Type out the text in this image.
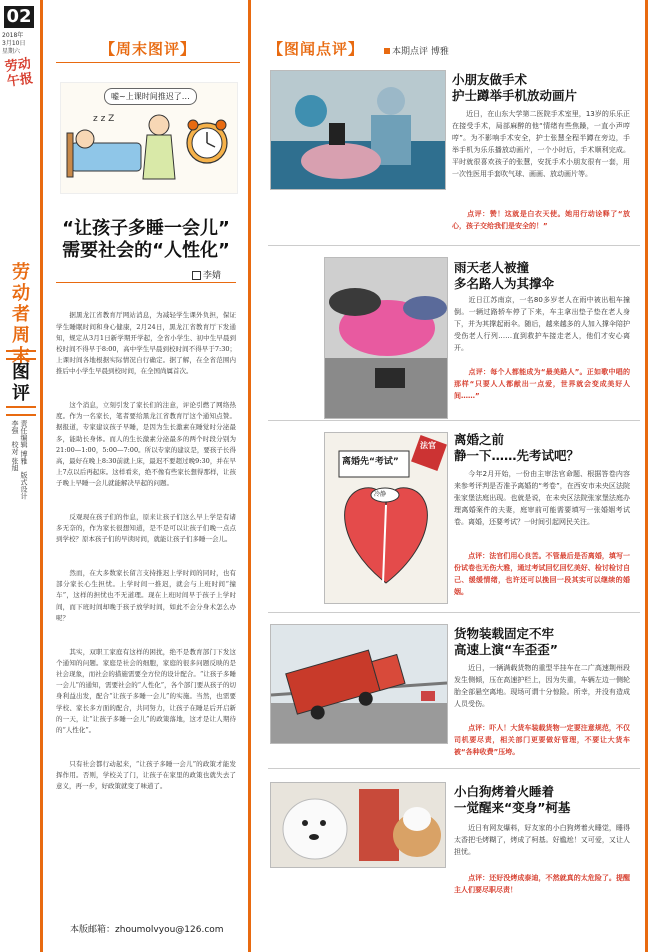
02
2018年
3月10日
星期六
劳动午报
劳动者周末
图评
责任编辑 博雅　版式设计 李强　校对 张旭
【周末图评】
z z Z
嘘~上课时间推迟了…
“让孩子多睡一会儿”
需要社会的“人性化”
李婧

　　据黑龙江省教育厅网站消息，为减轻学生课外负担，保证学生睡眠时间和身心健康，2月24日，黑龙江省教育厅下发通知，规定从3月1日新学期开学起，全省小学生、初中生早晨到校时间不得早于8:00，高中学生早晨到校时间不得早于7:30；上课时间各地根据实际情况自行确定。据了解，在全省范围内推后中小学生早晨到校时间，在全国尚属首次。

　　这个消息，立刻引发了家长们的注意，评论引燃了网络热度。作为一名家长，笔者要给黑龙江省教育厅这个通知点赞。据报道，专家建议孩子早睡，是因为生长激素在睡觉时分泌最多，能助长身体。而人的生长激素分泌最多的两个时段分别为21:00—1:00，5:00—7:00。所以专家的建议是，要孩子长得高，最好在晚上8:30前就上床，最迟不要超过晚9:30，并在早上7点以后再起床。这样看来，绝不像有些家长想得那样，让孩子晚上早睡一会儿就能解决早起的问题。

　　反观现在孩子们的作息，原来让孩子们这么早上学是有诸多无奈的，作为家长很想知道，是不是可以让孩子们晚一点点到学校？原本孩子们的早读时间，就能让孩子们多睡一会儿。

　　然而，在大多数家长留言支持推迟上学时间的同时，也有部分家长心生担忧。上学时间一推迟，就会与上班时间“撞车”，这样的担忧也不无道理。现在上班时间早于孩子上学时间，而下班时间却晚于孩子放学时间，如此不会分身术怎么办呢？

　　其实，双职工家庭有这样的困扰，绝不是教育部门下发这个通知的问题。家庭是社会的细胞，家庭的很多问题反映的是社会现象，而社会的措施需要全方位的设计配合。“让孩子多睡一会儿”的通知，需要社会的“人性化”，各个部门要从孩子的切身利益出发，配合“让孩子多睡一会儿”的实施。当然，也需要学校、家长多方面的配合，共同努力，让孩子在睡足后开启新的一天，让“让孩子多睡一会儿”的政策落地，这才是让人期待的“人性化”。

　　只有社会都行动起来，“让孩子多睡一会儿”的政策才能发挥作用。否则，学校关了门，让孩子在家里的政策也就失去了意义，再一步，好政策就变了味道了。

本版邮箱：zhoumolvyou@126.com
【图闻点评】	本期点评 博雅
小朋友做手术
护士蹲举手机放动画片
　　近日，在山东大学第二医院手术室里，13岁的乐乐正在接受手术，局部麻醉的他“情绪有些焦躁，一直小声哼哼”。为不影响手术安全，护士张慧全程半蹲在旁边，手举手机为乐乐播放动画片，一个小时后，手术顺利完成。平时就很喜欢孩子的张慧，安抚手术小朋友很有一套，用一次性医用手套吹气球、画画、放动画片等。
　　点评：赞！这就是白衣天使。她用行动诠释了“放心，孩子交给我们是安全的！”
雨天老人被撞
多名路人为其撑伞
　　近日江苏南京，一名80多岁老人在雨中被出租车撞倒。一辆过路轿车停了下来，车主拿出垫子垫在老人身下，并为其撑起雨伞。随后，越来越多的人加入撑伞陪护受伤老人行列……直到救护车接走老人，他们才安心离开。
　　点评：每个人都能成为“最美路人”。正如歌中唱的那样“只要人人都献出一点爱，世界就会变成美好人间……”
离婚先“考试”
法官
冷静
离婚之前
静一下……先考试吧？
　　今年2月开始，一份由主审法官命题、根据答卷内容来参考评判是否准予离婚的“考卷”，在西安市未央区法院张家堡法庭出现。也就是说，在未央区法院张家堡法庭办理离婚案件的夫妻，庭审前可能需要填写一张婚姻考试卷。离婚，还要考试？一时间引起网民关注。
　　点评：法官们用心良苦。不管最后是否离婚，填写一份试卷也无伤大雅，通过考试回忆回忆美好、检讨检讨自己、缓缓情绪，也许还可以挽回一段其实可以继续的婚姻。
货物装载固定不牢
高速上演“车歪歪”
　　近日，一辆满载货物的重型半挂车在二广高速荆州段发生侧倾，压在高速护栏上，因为失重，车辆左边一侧轮胎全部悬空离地。现场可谓十分惊险。所幸，并没有造成人员受伤。
　　点评：吓人！大货车装载货物一定要注意规范，不仅司机要尽责，相关部门更要做好管理，不要让大货车被“各种收费”压垮。
小白狗烤着火睡着
一觉醒来“变身”柯基
　　近日有网友爆料，好友家的小白狗烤着火睡觉，睡得太香把毛烤糊了，烤成了柯基。好尴尬！又可爱，又让人担忧。
　　点评：还好没烤成泰迪，不然就真的太危险了。提醒主人们要尽职尽责！
